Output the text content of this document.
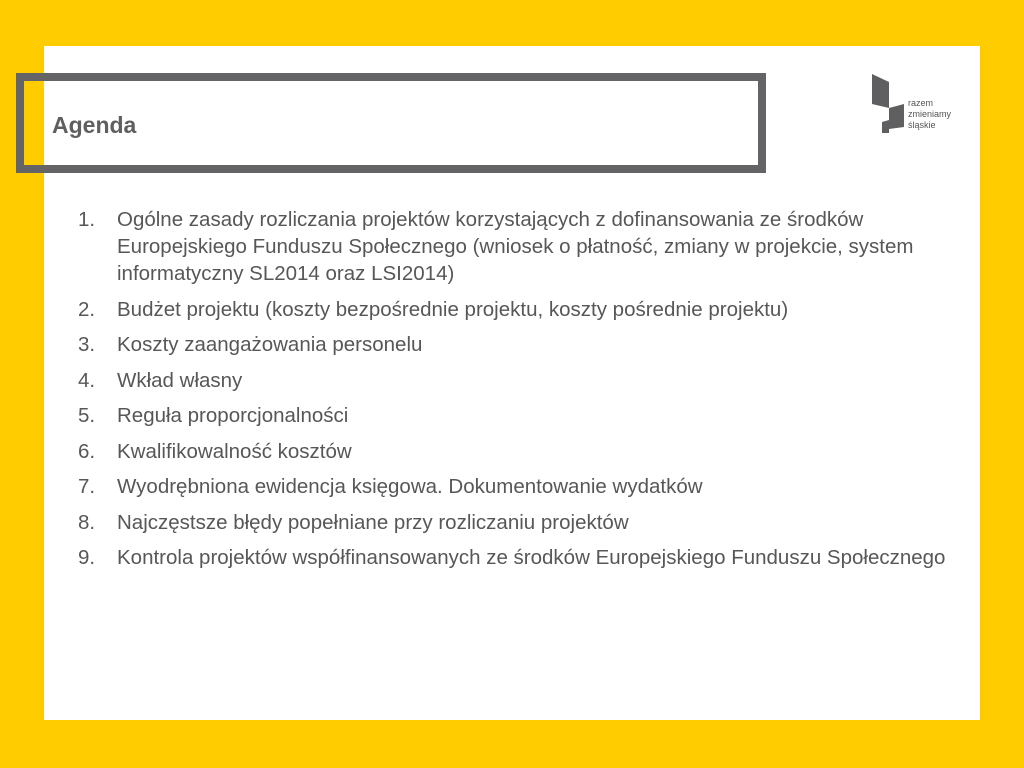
Agenda
razem
zmieniamy
śląskie
1.	Ogólne zasady rozliczania projektów korzystających z dofinansowania ze środków Europejskiego Funduszu Społecznego (wniosek o płatność, zmiany w projekcie, system informatyczny SL2014 oraz LSI2014)
2.	Budżet projektu (koszty bezpośrednie projektu, koszty pośrednie projektu)
3.	Koszty zaangażowania personelu
4.	Wkład własny
5.	Reguła proporcjonalności
6.	Kwalifikowalność kosztów
7.	Wyodrębniona ewidencja księgowa. Dokumentowanie wydatków
8.	Najczęstsze błędy popełniane przy rozliczaniu projektów
9.	Kontrola projektów współfinansowanych ze środków Europejskiego Funduszu Społecznego
